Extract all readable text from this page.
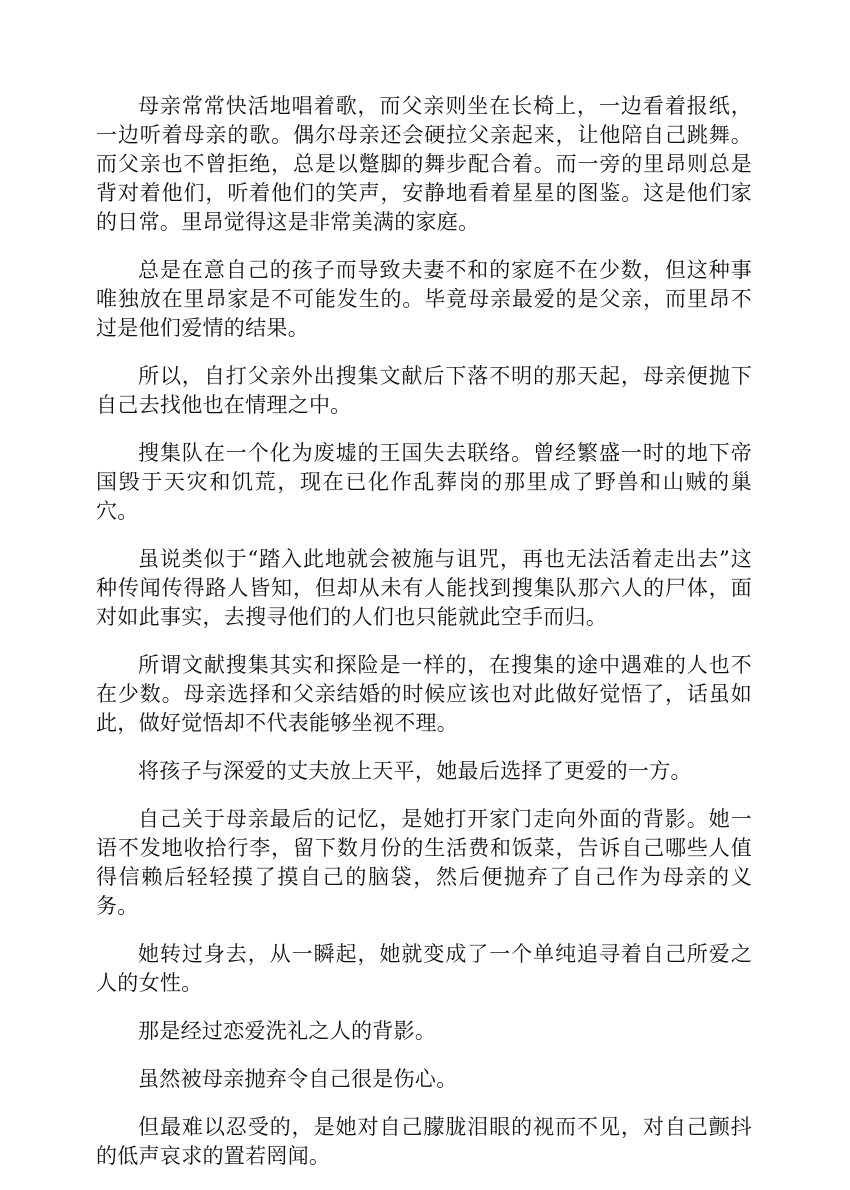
母亲常常快活地唱着歌，而父亲则坐在长椅上，一边看着报纸，一边听着母亲的歌。偶尔母亲还会硬拉父亲起来，让他陪自己跳舞。而父亲也不曾拒绝，总是以蹩脚的舞步配合着。而一旁的里昂则总是背对着他们，听着他们的笑声，安静地看着星星的图鉴。这是他们家的日常。里昂觉得这是非常美满的家庭。

总是在意自己的孩子而导致夫妻不和的家庭不在少数，但这种事唯独放在里昂家是不可能发生的。毕竟母亲最爱的是父亲，而里昂不过是他们爱情的结果。

所以，自打父亲外出搜集文献后下落不明的那天起，母亲便抛下自己去找他也在情理之中。

搜集队在一个化为废墟的王国失去联络。曾经繁盛一时的地下帝国毁于天灾和饥荒，现在已化作乱葬岗的那里成了野兽和山贼的巢穴。

虽说类似于“踏入此地就会被施与诅咒，再也无法活着走出去”这种传闻传得路人皆知，但却从未有人能找到搜集队那六人的尸体，面对如此事实，去搜寻他们的人们也只能就此空手而归。

所谓文献搜集其实和探险是一样的，在搜集的途中遇难的人也不在少数。母亲选择和父亲结婚的时候应该也对此做好觉悟了，话虽如此，做好觉悟却不代表能够坐视不理。

将孩子与深爱的丈夫放上天平，她最后选择了更爱的一方。

自己关于母亲最后的记忆，是她打开家门走向外面的背影。她一语不发地收拾行李，留下数月份的生活费和饭菜，告诉自己哪些人值得信赖后轻轻摸了摸自己的脑袋，然后便抛弃了自己作为母亲的义务。

她转过身去，从一瞬起，她就变成了一个单纯追寻着自己所爱之人的女性。

那是经过恋爱洗礼之人的背影。

虽然被母亲抛弃令自己很是伤心。

但最难以忍受的，是她对自己朦胧泪眼的视而不见，对自己颤抖的低声哀求的置若罔闻。
